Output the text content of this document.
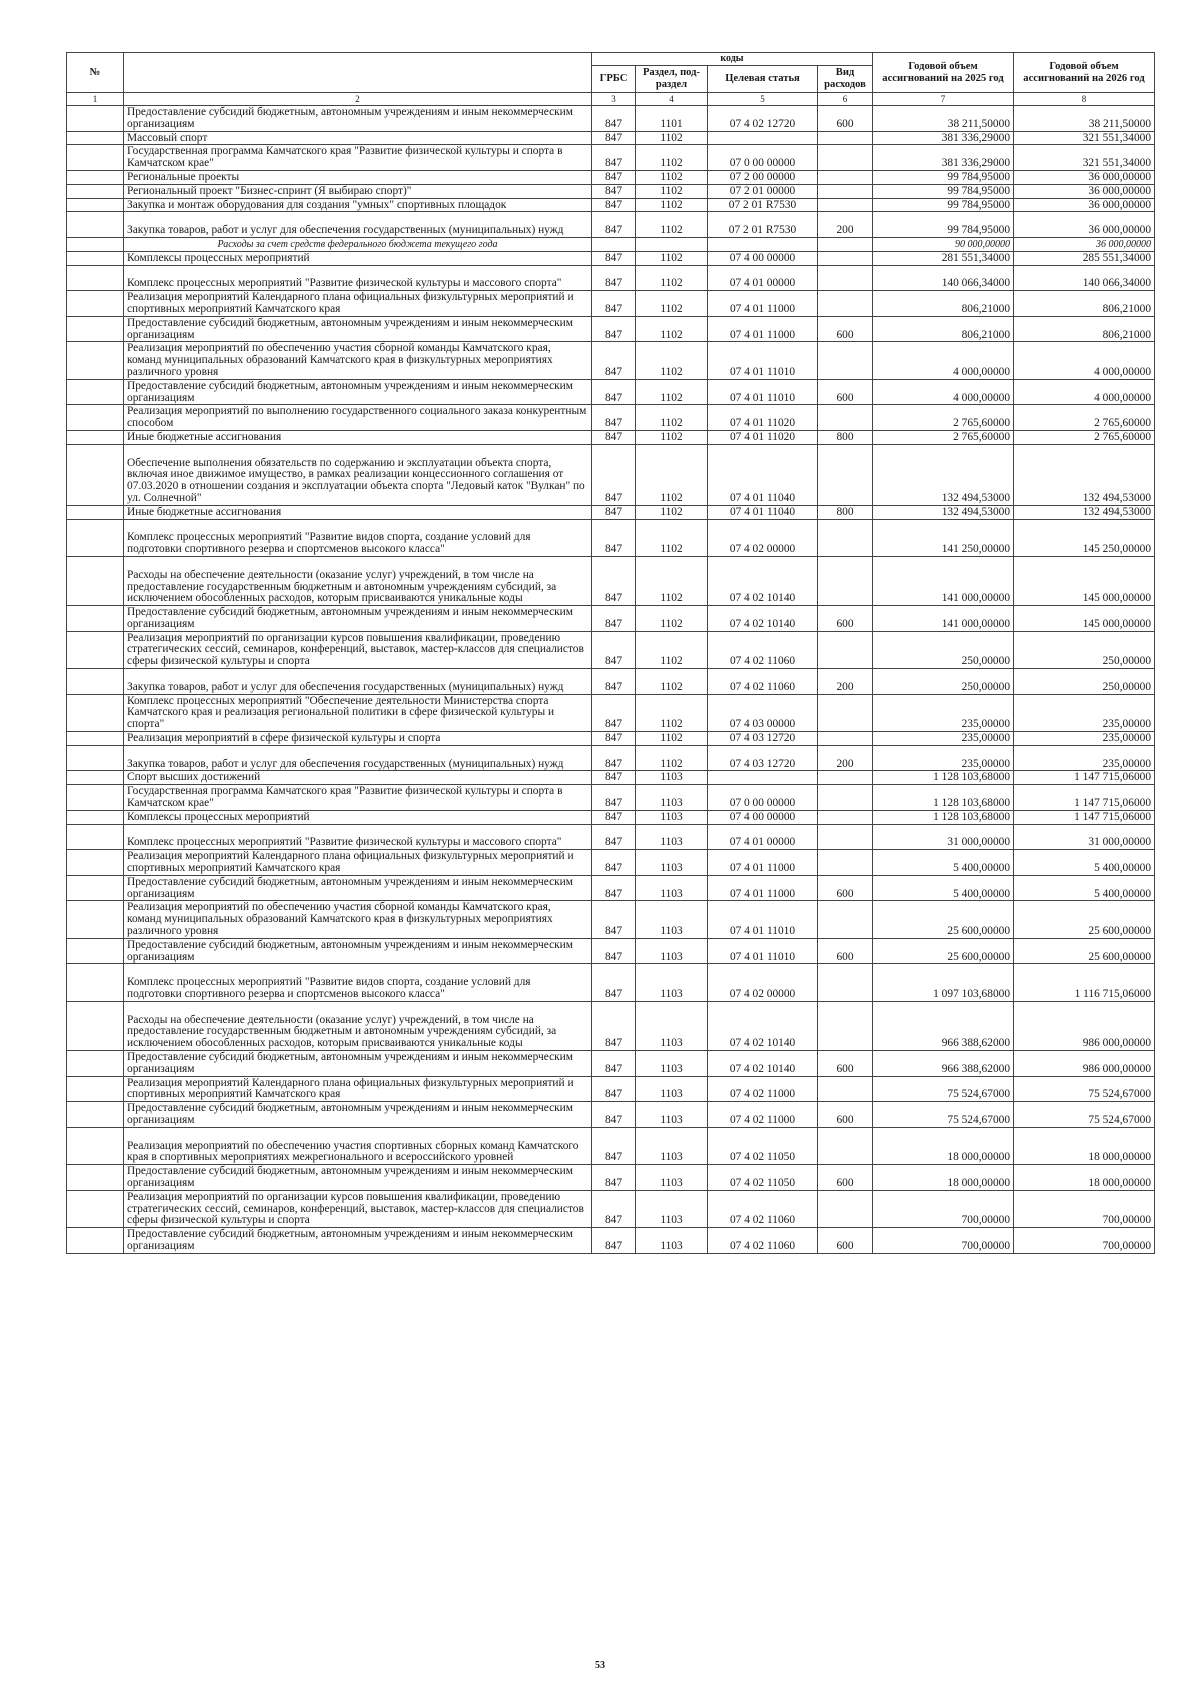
№		коды				Годовой объем ассигнований на 2025 год	Годовой объем ассигнований на 2026 год
		ГРБС	Раздел, под-раздел	Целевая статья	Вид расходов		
1	2	3	4	5	6	7	8
	Предоставление субсидий бюджетным, автономным учреждениям и иным некоммерческим организациям	847	1101	07 4 02 12720	600	38 211,50000	38 211,50000
	Массовый спорт	847	1102			381 336,29000	321 551,34000
	Государственная программа Камчатского края "Развитие физической культуры и спорта в Камчатском крае"	847	1102	07 0 00 00000		381 336,29000	321 551,34000
	Региональные проекты	847	1102	07 2 00 00000		99 784,95000	36 000,00000
	Региональный проект "Бизнес-спринт (Я выбираю спорт)"	847	1102	07 2 01 00000		99 784,95000	36 000,00000
	Закупка и монтаж оборудования для создания "умных" спортивных площадок	847	1102	07 2 01 R7530		99 784,95000	36 000,00000
	Закупка товаров, работ и услуг для обеспечения государственных (муниципальных) нужд	847	1102	07 2 01 R7530	200	99 784,95000	36 000,00000
	Расходы за счет средств федерального бюджета текущего года					90 000,00000	36 000,00000
	Комплексы процессных мероприятий	847	1102	07 4 00 00000		281 551,34000	285 551,34000
	Комплекс процессных мероприятий "Развитие физической культуры и массового спорта"	847	1102	07 4 01 00000		140 066,34000	140 066,34000
	Реализация мероприятий Календарного плана официальных физкультурных мероприятий и спортивных мероприятий Камчатского края	847	1102	07 4 01 11000		806,21000	806,21000
	Предоставление субсидий бюджетным, автономным учреждениям и иным некоммерческим организациям	847	1102	07 4 01 11000	600	806,21000	806,21000
	Реализация мероприятий по обеспечению участия сборной команды Камчатского края, команд муниципальных образований Камчатского края в физкультурных мероприятиях различного уровня	847	1102	07 4 01 11010		4 000,00000	4 000,00000
	Предоставление субсидий бюджетным, автономным учреждениям и иным некоммерческим организациям	847	1102	07 4 01 11010	600	4 000,00000	4 000,00000
	Реализация мероприятий по выполнению государственного социального заказа конкурентным способом	847	1102	07 4 01 11020		2 765,60000	2 765,60000
	Иные бюджетные ассигнования	847	1102	07 4 01 11020	800	2 765,60000	2 765,60000
	Обеспечение выполнения обязательств по содержанию и эксплуатации объекта спорта, включая иное движимое имущество, в рамках реализации концессионного соглашения от 07.03.2020 в отношении создания и эксплуатации объекта спорта "Ледовый каток "Вулкан" по ул. Солнечной"	847	1102	07 4 01 11040		132 494,53000	132 494,53000
	Иные бюджетные ассигнования	847	1102	07 4 01 11040	800	132 494,53000	132 494,53000
	Комплекс процессных мероприятий "Развитие видов спорта, создание условий для подготовки спортивного резерва и спортсменов высокого класса"	847	1102	07 4 02 00000		141 250,00000	145 250,00000
	Расходы на обеспечение деятельности (оказание услуг) учреждений, в том числе на предоставление государственным бюджетным и автономным учреждениям субсидий, за исключением обособленных расходов, которым присваиваются уникальные коды	847	1102	07 4 02 10140		141 000,00000	145 000,00000
	Предоставление субсидий бюджетным, автономным учреждениям и иным некоммерческим организациям	847	1102	07 4 02 10140	600	141 000,00000	145 000,00000
	Реализация мероприятий по организации курсов повышения квалификации, проведению стратегических сессий, семинаров, конференций, выставок, мастер-классов для специалистов сферы физической культуры и спорта	847	1102	07 4 02 11060		250,00000	250,00000
	Закупка товаров, работ и услуг для обеспечения государственных (муниципальных) нужд	847	1102	07 4 02 11060	200	250,00000	250,00000
	Комплекс процессных мероприятий "Обеспечение деятельности Министерства спорта Камчатского края и реализация региональной политики в сфере физической культуры и спорта"	847	1102	07 4 03 00000		235,00000	235,00000
	Реализация мероприятий в сфере физической культуры и спорта	847	1102	07 4 03 12720		235,00000	235,00000
	Закупка товаров, работ и услуг для обеспечения государственных (муниципальных) нужд	847	1102	07 4 03 12720	200	235,00000	235,00000
	Спорт высших достижений	847	1103			1 128 103,68000	1 147 715,06000
	Государственная программа Камчатского края "Развитие физической культуры и спорта в Камчатском крае"	847	1103	07 0 00 00000		1 128 103,68000	1 147 715,06000
	Комплексы процессных мероприятий	847	1103	07 4 00 00000		1 128 103,68000	1 147 715,06000
	Комплекс процессных мероприятий "Развитие физической культуры и массового спорта"	847	1103	07 4 01 00000		31 000,00000	31 000,00000
	Реализация мероприятий Календарного плана официальных физкультурных мероприятий и спортивных мероприятий Камчатского края	847	1103	07 4 01 11000		5 400,00000	5 400,00000
	Предоставление субсидий бюджетным, автономным учреждениям и иным некоммерческим организациям	847	1103	07 4 01 11000	600	5 400,00000	5 400,00000
	Реализация мероприятий по обеспечению участия сборной команды Камчатского края, команд муниципальных образований Камчатского края в физкультурных мероприятиях различного уровня	847	1103	07 4 01 11010		25 600,00000	25 600,00000
	Предоставление субсидий бюджетным, автономным учреждениям и иным некоммерческим организациям	847	1103	07 4 01 11010	600	25 600,00000	25 600,00000
	Комплекс процессных мероприятий "Развитие видов спорта, создание условий для подготовки спортивного резерва и спортсменов высокого класса"	847	1103	07 4 02 00000		1 097 103,68000	1 116 715,06000
	Расходы на обеспечение деятельности (оказание услуг) учреждений, в том числе на предоставление государственным бюджетным и автономным учреждениям субсидий, за исключением обособленных расходов, которым присваиваются уникальные коды	847	1103	07 4 02 10140		966 388,62000	986 000,00000
	Предоставление субсидий бюджетным, автономным учреждениям и иным некоммерческим организациям	847	1103	07 4 02 10140	600	966 388,62000	986 000,00000
	Реализация мероприятий Календарного плана официальных физкультурных мероприятий и спортивных мероприятий Камчатского края	847	1103	07 4 02 11000		75 524,67000	75 524,67000
	Предоставление субсидий бюджетным, автономным учреждениям и иным некоммерческим организациям	847	1103	07 4 02 11000	600	75 524,67000	75 524,67000
	Реализация мероприятий по обеспечению участия спортивных сборных команд Камчатского края в спортивных мероприятиях межрегионального и всероссийского уровней	847	1103	07 4 02 11050		18 000,00000	18 000,00000
	Предоставление субсидий бюджетным, автономным учреждениям и иным некоммерческим организациям	847	1103	07 4 02 11050	600	18 000,00000	18 000,00000
	Реализация мероприятий по организации курсов повышения квалификации, проведению стратегических сессий, семинаров, конференций, выставок, мастер-классов для специалистов сферы физической культуры и спорта	847	1103	07 4 02 11060		700,00000	700,00000
	Предоставление субсидий бюджетным, автономным учреждениям и иным некоммерческим организациям	847	1103	07 4 02 11060	600	700,00000	700,00000
53
